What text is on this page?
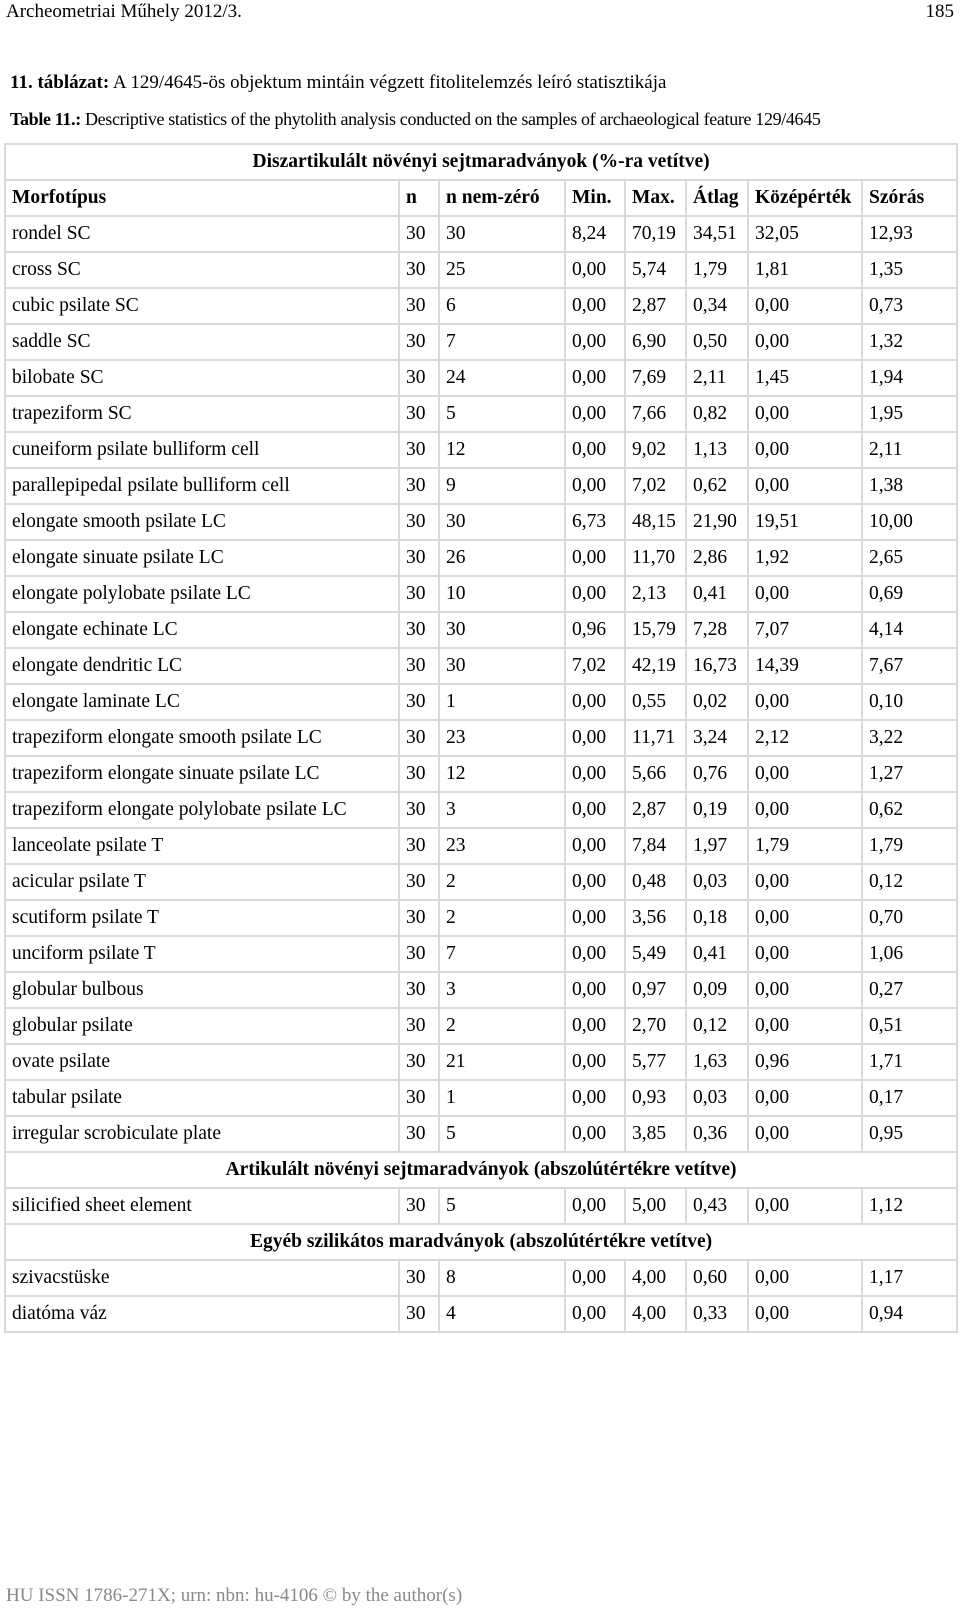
Archeometriai Műhely 2012/3.	185
11. táblázat: A 129/4645-ös objektum mintáin végzett fitolitelemzés leíró statisztikája
Table 11.: Descriptive statistics of the phytolith analysis conducted on the samples of archaeological feature 129/4645
Diszartikulált növényi sejtmaradványok (%-ra vetítve)							
Morfotípus	n	n nem-zéró	Min.	Max.	Átlag	Középérték	Szórás
rondel SC	30	30	8,24	70,19	34,51	32,05	12,93
cross SC	30	25	0,00	5,74	1,79	1,81	1,35
cubic psilate SC	30	6	0,00	2,87	0,34	0,00	0,73
saddle SC	30	7	0,00	6,90	0,50	0,00	1,32
bilobate SC	30	24	0,00	7,69	2,11	1,45	1,94
trapeziform SC	30	5	0,00	7,66	0,82	0,00	1,95
cuneiform psilate bulliform cell	30	12	0,00	9,02	1,13	0,00	2,11
parallepipedal psilate bulliform cell	30	9	0,00	7,02	0,62	0,00	1,38
elongate smooth psilate LC	30	30	6,73	48,15	21,90	19,51	10,00
elongate sinuate psilate LC	30	26	0,00	11,70	2,86	1,92	2,65
elongate polylobate psilate LC	30	10	0,00	2,13	0,41	0,00	0,69
elongate echinate LC	30	30	0,96	15,79	7,28	7,07	4,14
elongate dendritic LC	30	30	7,02	42,19	16,73	14,39	7,67
elongate laminate LC	30	1	0,00	0,55	0,02	0,00	0,10
trapeziform elongate smooth psilate LC	30	23	0,00	11,71	3,24	2,12	3,22
trapeziform elongate sinuate psilate LC	30	12	0,00	5,66	0,76	0,00	1,27
trapeziform elongate polylobate psilate LC	30	3	0,00	2,87	0,19	0,00	0,62
lanceolate psilate T	30	23	0,00	7,84	1,97	1,79	1,79
acicular psilate T	30	2	0,00	0,48	0,03	0,00	0,12
scutiform psilate T	30	2	0,00	3,56	0,18	0,00	0,70
unciform psilate T	30	7	0,00	5,49	0,41	0,00	1,06
globular bulbous	30	3	0,00	0,97	0,09	0,00	0,27
globular psilate	30	2	0,00	2,70	0,12	0,00	0,51
ovate psilate	30	21	0,00	5,77	1,63	0,96	1,71
tabular psilate	30	1	0,00	0,93	0,03	0,00	0,17
irregular scrobiculate plate	30	5	0,00	3,85	0,36	0,00	0,95
Artikulált növényi sejtmaradványok (abszolútértékre vetítve)							
silicified sheet element	30	5	0,00	5,00	0,43	0,00	1,12
Egyéb szilikátos maradványok (abszolútértékre vetítve)							
szivacstüske	30	8	0,00	4,00	0,60	0,00	1,17
diatóma váz	30	4	0,00	4,00	0,33	0,00	0,94
HU ISSN 1786-271X; urn: nbn: hu-4106 © by the author(s)
